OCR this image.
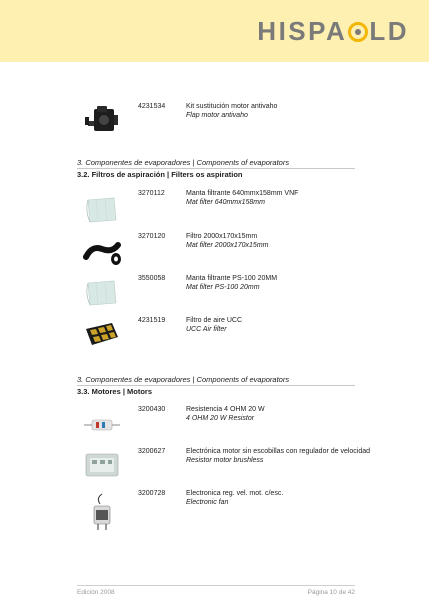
HISPA LD
4231534	Kit sustitución motor antivaho
Flap motor antivaho
3. Componentes de evaporadores | Components of evaporators
3.2. Filtros de aspiración | Filters os aspiration
3270112	Manta filtrante 640mmx158mm VNF
Mat filter 640mmx158mm
3270120	Filtro 2000x170x15mm
Mat filter 2000x170x15mm
3550058	Manta filtrante PS-100 20MM
Mat filter PS-100 20mm
4231519	Filtro de aire UCC
UCC Air filter
3. Componentes de evaporadores | Components of evaporators
3.3. Motores | Motors
3200430	Resistencia 4 OHM 20 W
4 OHM 20 W Resistor
3200627	Electrónica motor sin escobillas con regulador de velocidad
Resistor motor brushless
3200728	Electronica reg. vel. mot. c/esc.
Electronic fan
Edición 2008	Página 10 de 42
